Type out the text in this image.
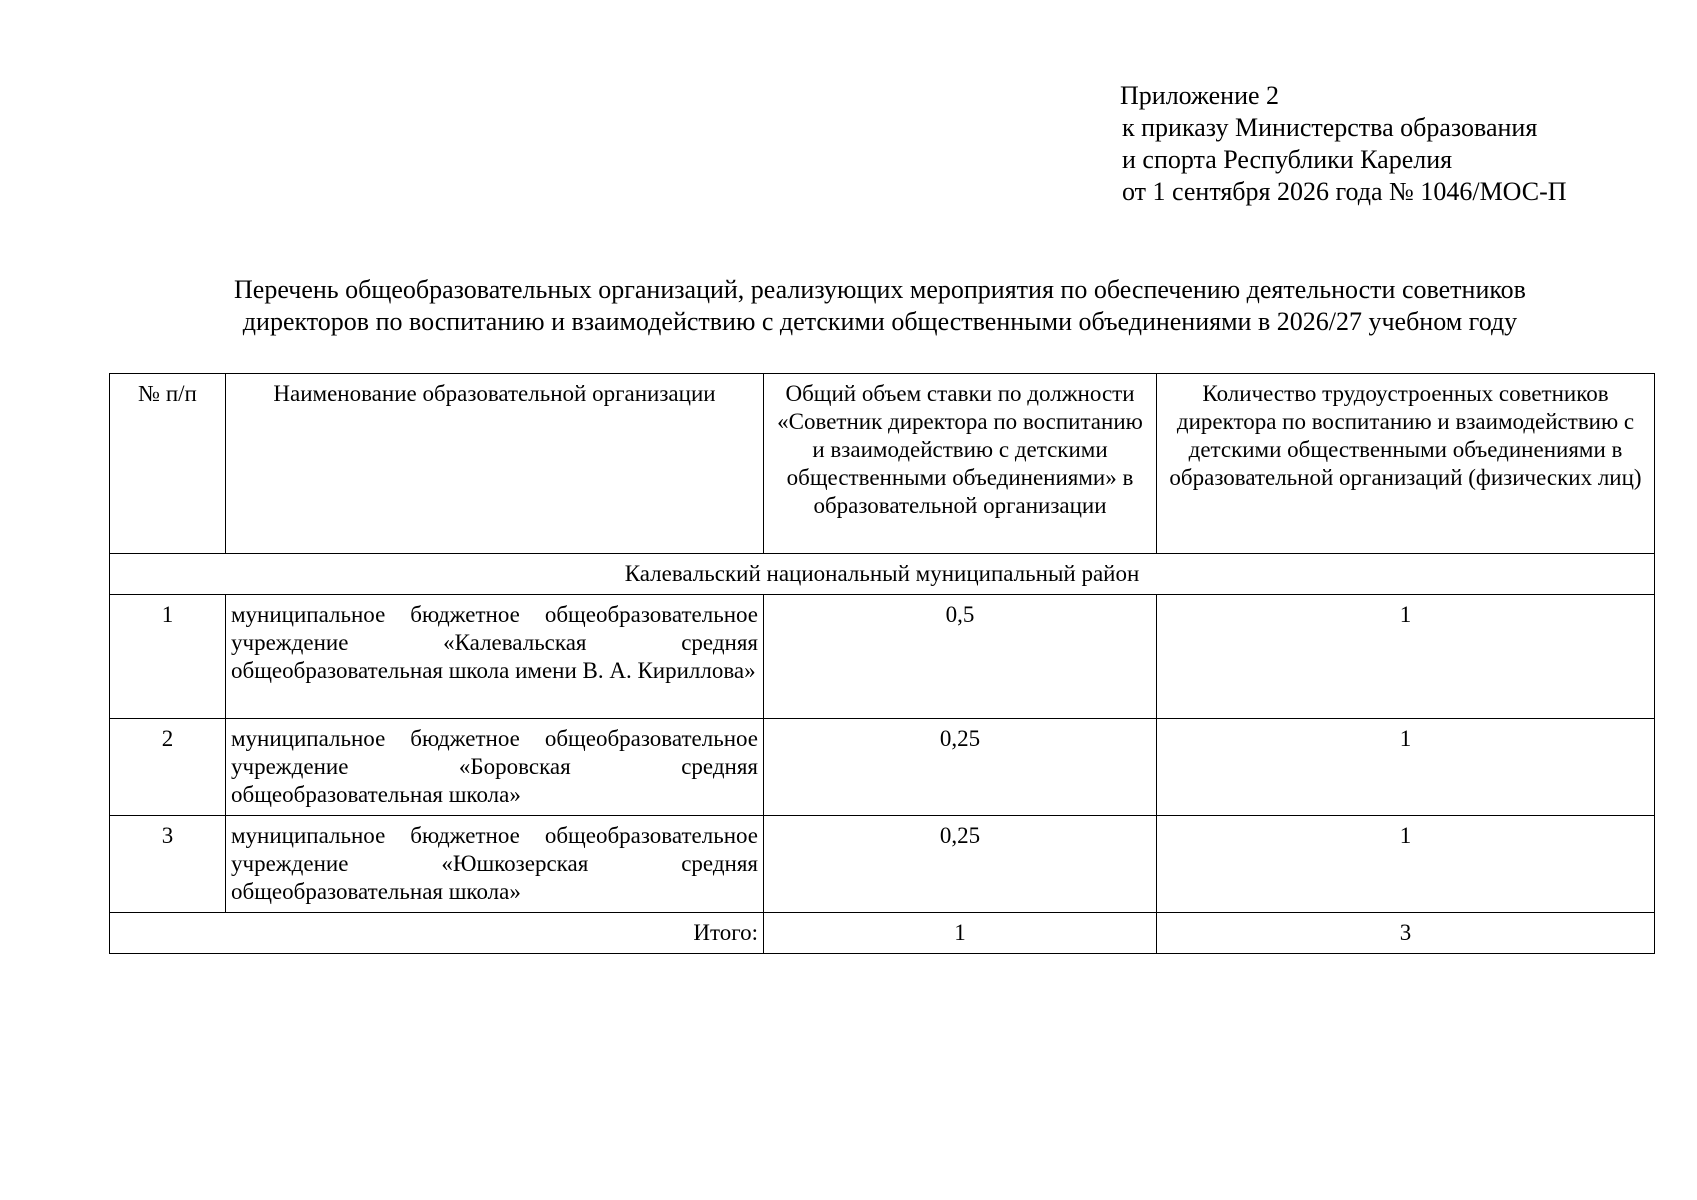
Приложение 2
к приказу Министерства образования
и спорта Республики Карелия
от 1 сентября 2026 года № 1046/МОС-П
Перечень общеобразовательных организаций, реализующих мероприятия по обеспечению деятельности советников
директоров по воспитанию и взаимодействию с детскими общественными объединениями в 2026/27 учебном году
№ п/п	Наименование образовательной организации	Общий объем ставки по должности «Советник директора по воспитанию и взаимодействию с детскими общественными объединениями» в образовательной организации	Количество трудоустроенных советников директора по воспитанию и взаимодействию с детскими общественными объединениями в образовательной организаций (физических лиц)
Калевальский национальный муниципальный район			
1	муниципальное бюджетное общеобразовательное учреждение «Калевальская средняя общеобразовательная школа имени В. А. Кириллова»	0,5	1
2	муниципальное бюджетное общеобразовательное учреждение «Боровская средняя общеобразовательная школа»	0,25	1
3	муниципальное бюджетное общеобразовательное учреждение «Юшкозерская средняя общеобразовательная школа»	0,25	1
Итого:		1	3
